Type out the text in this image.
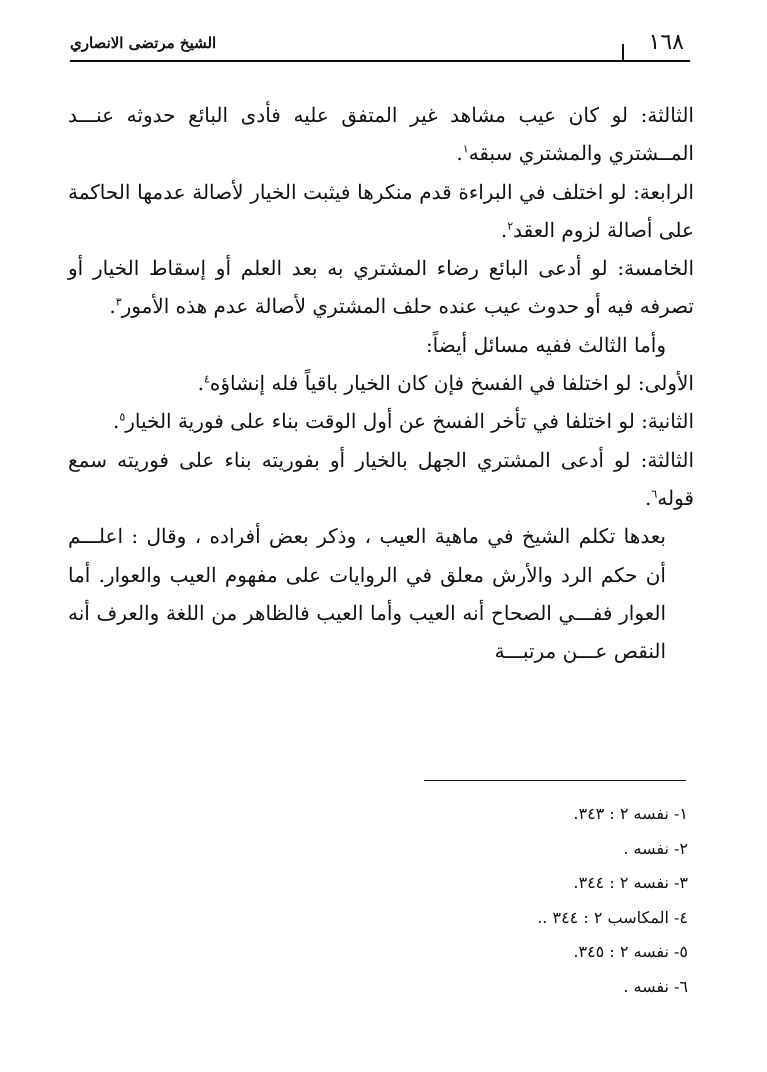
الشيخ مرتضى الانصاري	١٦٨

الثالثة: لو كان عيب مشاهد غير المتفق عليه فأدى البائع حدوثه عنـــد المــشتري والمشتري سبقه$^١$.

الرابعة: لو اختلف في البراءة قدم منكرها فيثبت الخيار لأصالة عدمها الحاكمة على أصالة لزوم العقد$^٢$.

الخامسة: لو أدعى البائع رضاء المشتري به بعد العلم أو إسقاط الخيار أو تصرفه فيه أو حدوث عيب عنده حلف المشتري لأصالة عدم هذه الأمور$^٣$.

وأما الثالث ففيه مسائل أيضاً:

الأولى: لو اختلفا في الفسخ فإن كان الخيار باقياً فله إنشاؤه$^٤$.

الثانية: لو اختلفا في تأخر الفسخ عن أول الوقت بناء على فورية الخيار$^٥$.

الثالثة: لو أدعى المشتري الجهل بالخيار أو بفوريته بناء على فوريته سمع قوله$^٦$.

بعدها تكلم الشيخ في ماهية العيب ، وذكر بعض أفراده ، وقال : اعلـــم أن حكم الرد والأرش معلق في الروايات على مفهوم العيب والعوار. أما العوار ففـــي الصحاح أنه العيب وأما العيب فالظاهر من اللغة والعرف أنه النقص عـــن مرتبـــة

١- نفسه ٢ : ٣٤٣.
٢- نفسه .
٣- نفسه ٢ : ٣٤٤.
٤- المكاسب ٢ : ٣٤٤ ..
٥- نفسه ٢ : ٣٤٥.
٦- نفسه .
